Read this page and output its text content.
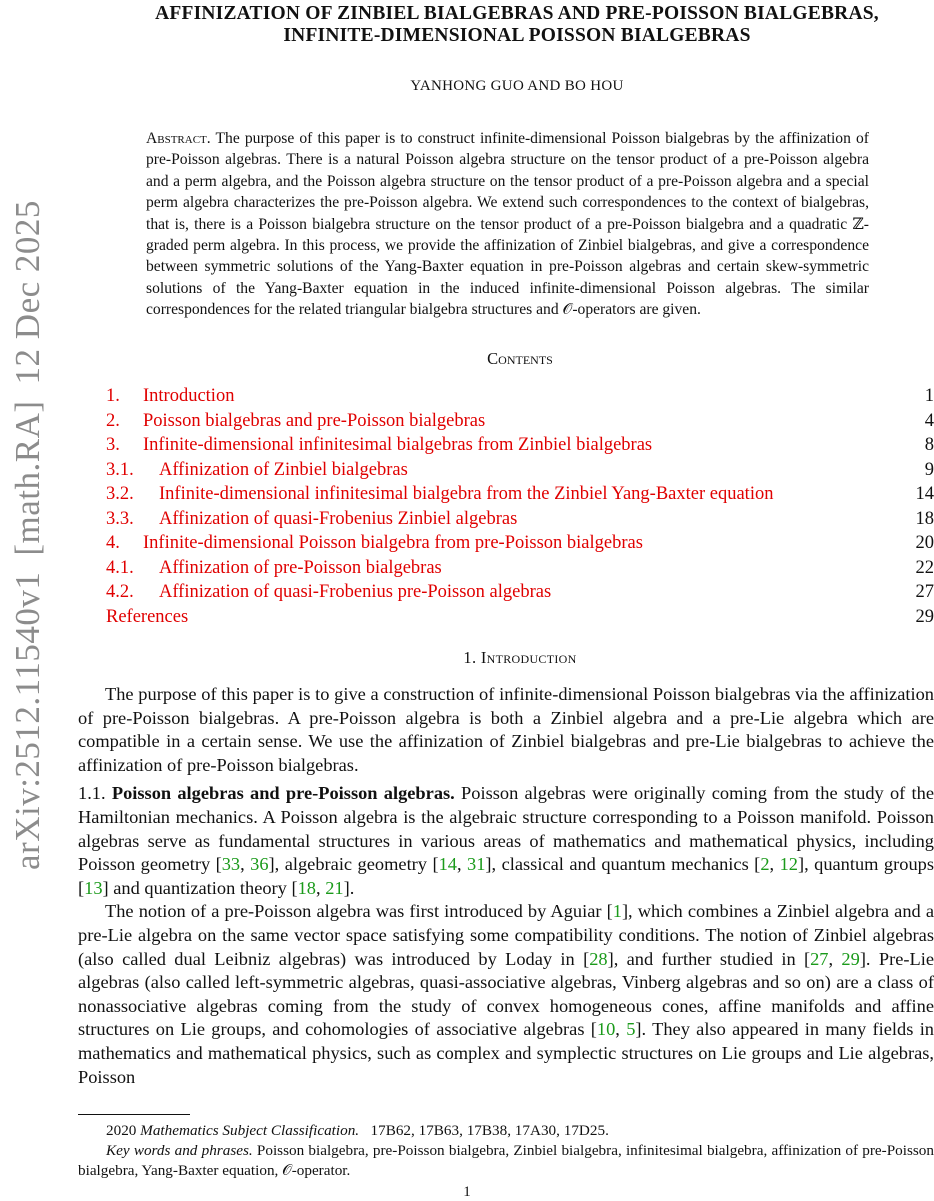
arXiv:2512.11540v1[math.RA]12 Dec 2025
AFFINIZATION OF ZINBIEL BIALGEBRAS AND PRE-POISSON BIALGEBRAS,
INFINITE-DIMENSIONAL POISSON BIALGEBRAS
YANHONG GUO AND BO HOU
Abstract. The purpose of this paper is to construct infinite-dimensional Poisson bialgebras by the affinization of pre-Poisson algebras. There is a natural Poisson algebra structure on the tensor product of a pre-Poisson algebra and a perm algebra, and the Poisson algebra structure on the tensor product of a pre-Poisson algebra and a special perm algebra characterizes the pre-Poisson algebra. We extend such correspondences to the context of bialgebras, that is, there is a Poisson bialgebra structure on the tensor product of a pre-Poisson bialgebra and a quadratic ℤ-graded perm algebra. In this process, we provide the affinization of Zinbiel bialgebras, and give a correspondence between symmetric solutions of the Yang-Baxter equation in pre-Poisson algebras and certain skew-symmetric solutions of the Yang-Baxter equation in the induced infinite-dimensional Poisson algebras. The similar correspondences for the related triangular bialgebra structures and 𝒪-operators are given.
Contents
1.	Introduction	1
2.	Poisson bialgebras and pre-Poisson bialgebras	4
3.	Infinite-dimensional infinitesimal bialgebras from Zinbiel bialgebras	8
3.1.	Affinization of Zinbiel bialgebras	9
3.2.	Infinite-dimensional infinitesimal bialgebra from the Zinbiel Yang-Baxter equation	14
3.3.	Affinization of quasi-Frobenius Zinbiel algebras	18
4.	Infinite-dimensional Poisson bialgebra from pre-Poisson bialgebras	20
4.1.	Affinization of pre-Poisson bialgebras	22
4.2.	Affinization of quasi-Frobenius pre-Poisson algebras	27
References	29
1. Introduction

The purpose of this paper is to give a construction of infinite-dimensional Poisson bialgebras via the affinization of pre-Poisson bialgebras. A pre-Poisson algebra is both a Zinbiel algebra and a pre-Lie algebra which are compatible in a certain sense. We use the affinization of Zinbiel bialgebras and pre-Lie bialgebras to achieve the affinization of pre-Poisson bialgebras.

1.1. Poisson algebras and pre-Poisson algebras. Poisson algebras were originally coming from the study of the Hamiltonian mechanics. A Poisson algebra is the algebraic structure corresponding to a Poisson manifold. Poisson algebras serve as fundamental structures in various areas of mathematics and mathematical physics, including Poisson geometry [33, 36], algebraic geometry [14, 31], classical and quantum mechanics [2, 12], quantum groups [13] and quantization theory [18, 21].

The notion of a pre-Poisson algebra was first introduced by Aguiar [1], which combines a Zinbiel algebra and a pre-Lie algebra on the same vector space satisfying some compatibility conditions. The notion of Zinbiel algebras (also called dual Leibniz algebras) was introduced by Loday in [28], and further studied in [27, 29]. Pre-Lie algebras (also called left-symmetric algebras, quasi-associative algebras, Vinberg algebras and so on) are a class of nonassociative algebras coming from the study of convex homogeneous cones, affine manifolds and affine structures on Lie groups, and cohomologies of associative algebras [10, 5]. They also appeared in many fields in mathematics and mathematical physics, such as complex and symplectic structures on Lie groups and Lie algebras, Poisson

2020 Mathematics Subject Classification. 17B62, 17B63, 17B38, 17A30, 17D25.

Key words and phrases. Poisson bialgebra, pre-Poisson bialgebra, Zinbiel bialgebra, infinitesimal bialgebra, affinization of pre-Poisson bialgebra, Yang-Baxter equation, 𝒪-operator.

1
